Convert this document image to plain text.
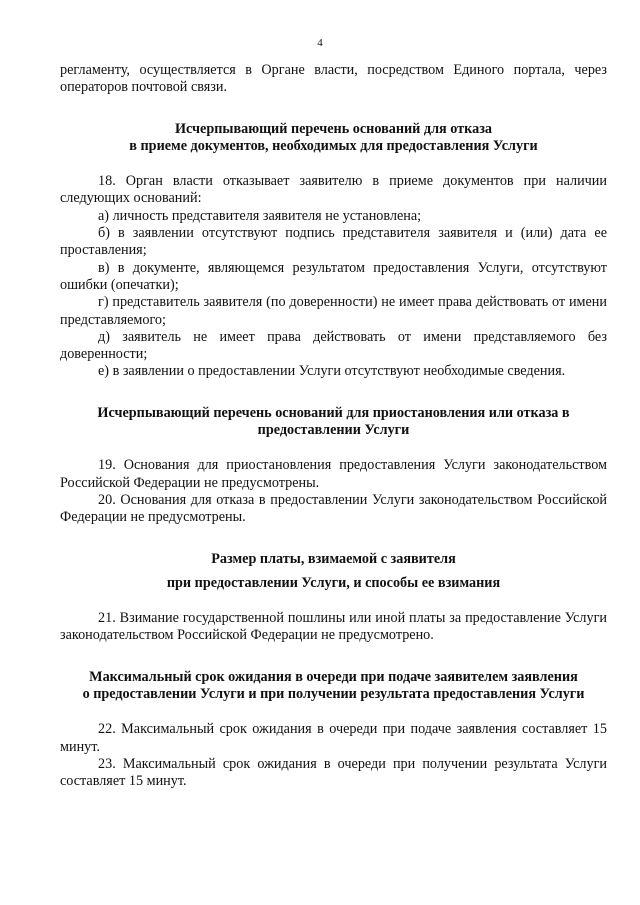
4

регламенту, осуществляется в Органе власти, посредством Единого портала, через операторов почтовой связи.

Исчерпывающий перечень оснований для отказа
в приеме документов, необходимых для предоставления Услуги

18. Орган власти отказывает заявителю в приеме документов при наличии следующих оснований:

а) личность представителя заявителя не установлена;

б) в заявлении отсутствуют подпись представителя заявителя и (или) дата ее проставления;

в) в документе, являющемся результатом предоставления Услуги, отсутствуют ошибки (опечатки);

г) представитель заявителя (по доверенности) не имеет права действовать от имени представляемого;

д) заявитель не имеет права действовать от имени представляемого без доверенности;

е) в заявлении о предоставлении Услуги отсутствуют необходимые сведения.

Исчерпывающий перечень оснований для приостановления или отказа в
предоставлении Услуги

19. Основания для приостановления предоставления Услуги законодательством Российской Федерации не предусмотрены.

20. Основания для отказа в предоставлении Услуги законодательством Российской Федерации не предусмотрены.

Размер платы, взимаемой с заявителя
при предоставлении Услуги, и способы ее взимания

21. Взимание государственной пошлины или иной платы за предоставление Услуги законодательством Российской Федерации не предусмотрено.

Максимальный срок ожидания в очереди при подаче заявителем заявления
о предоставлении Услуги и при получении результата предоставления Услуги

22. Максимальный срок ожидания в очереди при подаче заявления составляет 15 минут.

23. Максимальный срок ожидания в очереди при получении результата Услуги составляет 15 минут.
